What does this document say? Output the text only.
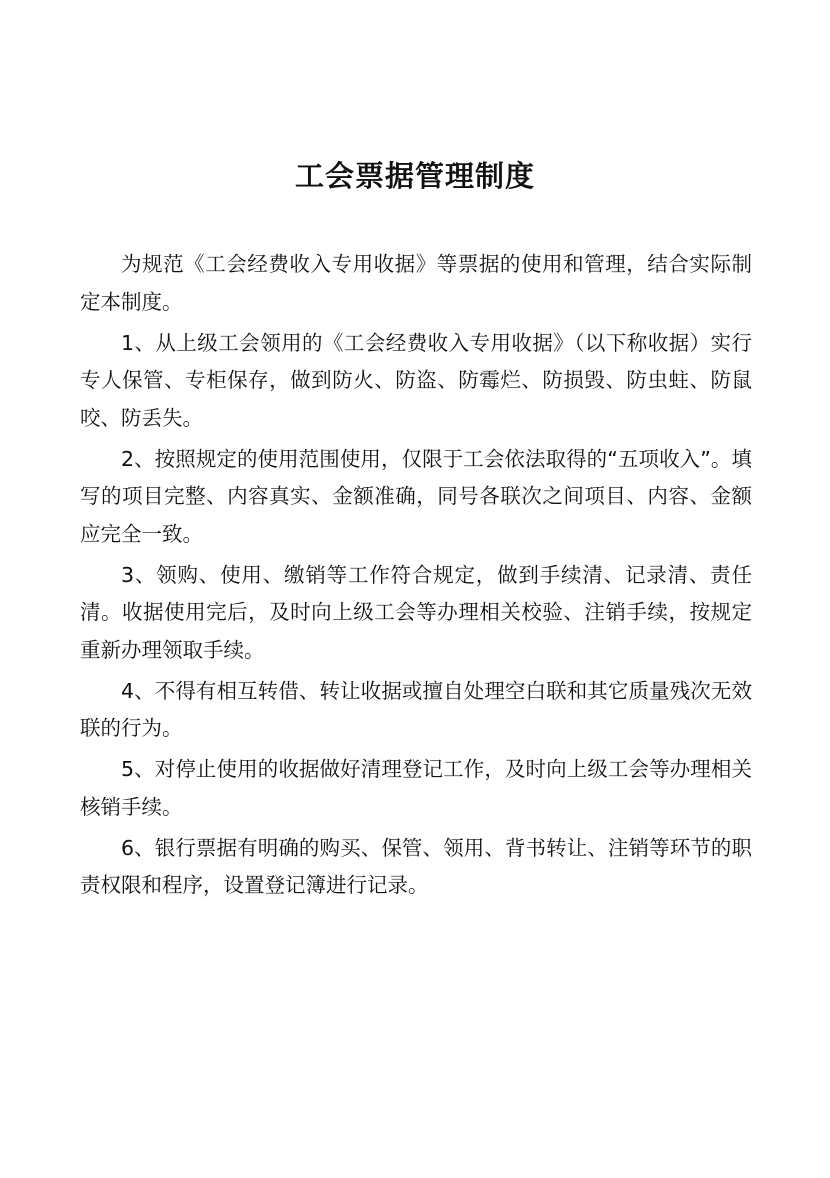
工会票据管理制度

为规范《工会经费收入专用收据》等票据的使用和管理，结合实际制定本制度。

1、从上级工会领用的《工会经费收入专用收据》（以下称收据）实行专人保管、专柜保存，做到防火、防盗、防霉烂、防损毁、防虫蛀、防鼠咬、防丢失。

2、按照规定的使用范围使用，仅限于工会依法取得的“五项收入”。填写的项目完整、内容真实、金额准确，同号各联次之间项目、内容、金额应完全一致。

3、领购、使用、缴销等工作符合规定，做到手续清、记录清、责任清。收据使用完后，及时向上级工会等办理相关校验、注销手续，按规定重新办理领取手续。

4、不得有相互转借、转让收据或擅自处理空白联和其它质量残次无效联的行为。

5、对停止使用的收据做好清理登记工作，及时向上级工会等办理相关核销手续。

6、银行票据有明确的购买、保管、领用、背书转让、注销等环节的职责权限和程序，设置登记簿进行记录。
